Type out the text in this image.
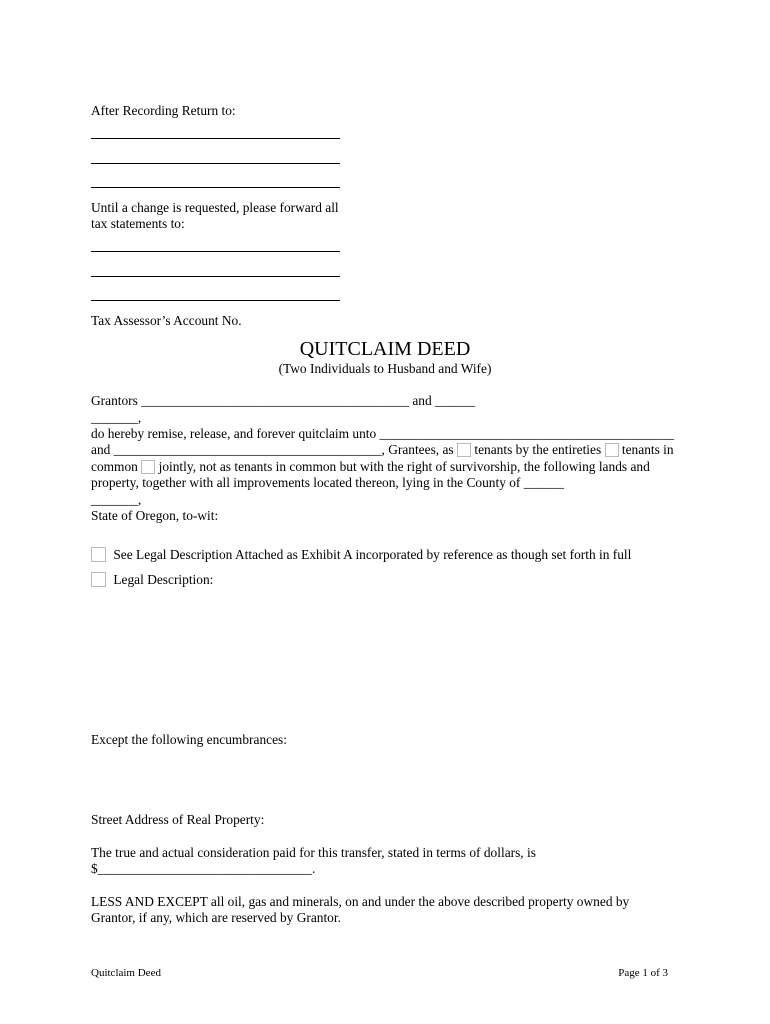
After Recording Return to:
Until a change is requested, please forward all
tax statements to:
Tax Assessor’s Account No.
QUITCLAIM DEED
(Two Individuals to Husband and Wife)
Grantors ________________________________________ and ______
_______,
do hereby remise, release, and forever quitclaim unto ____________________________________________
and ________________________________________, Grantees, as tenants by the entireties tenants in
common jointly, not as tenants in common but with the right of survivorship, the following lands and
property, together with all improvements located thereon, lying in the County of ______
_______,
State of Oregon, to-wit:
See Legal Description Attached as Exhibit A incorporated by reference as though set forth in full
Legal Description:
Except the following encumbrances:
Street Address of Real Property:
The true and actual consideration paid for this transfer, stated in terms of dollars, is
$________________________________.
LESS AND EXCEPT all oil, gas and minerals, on and under the above described property owned by
Grantor, if any, which are reserved by Grantor.
Quitclaim Deed	Page 1 of 3
